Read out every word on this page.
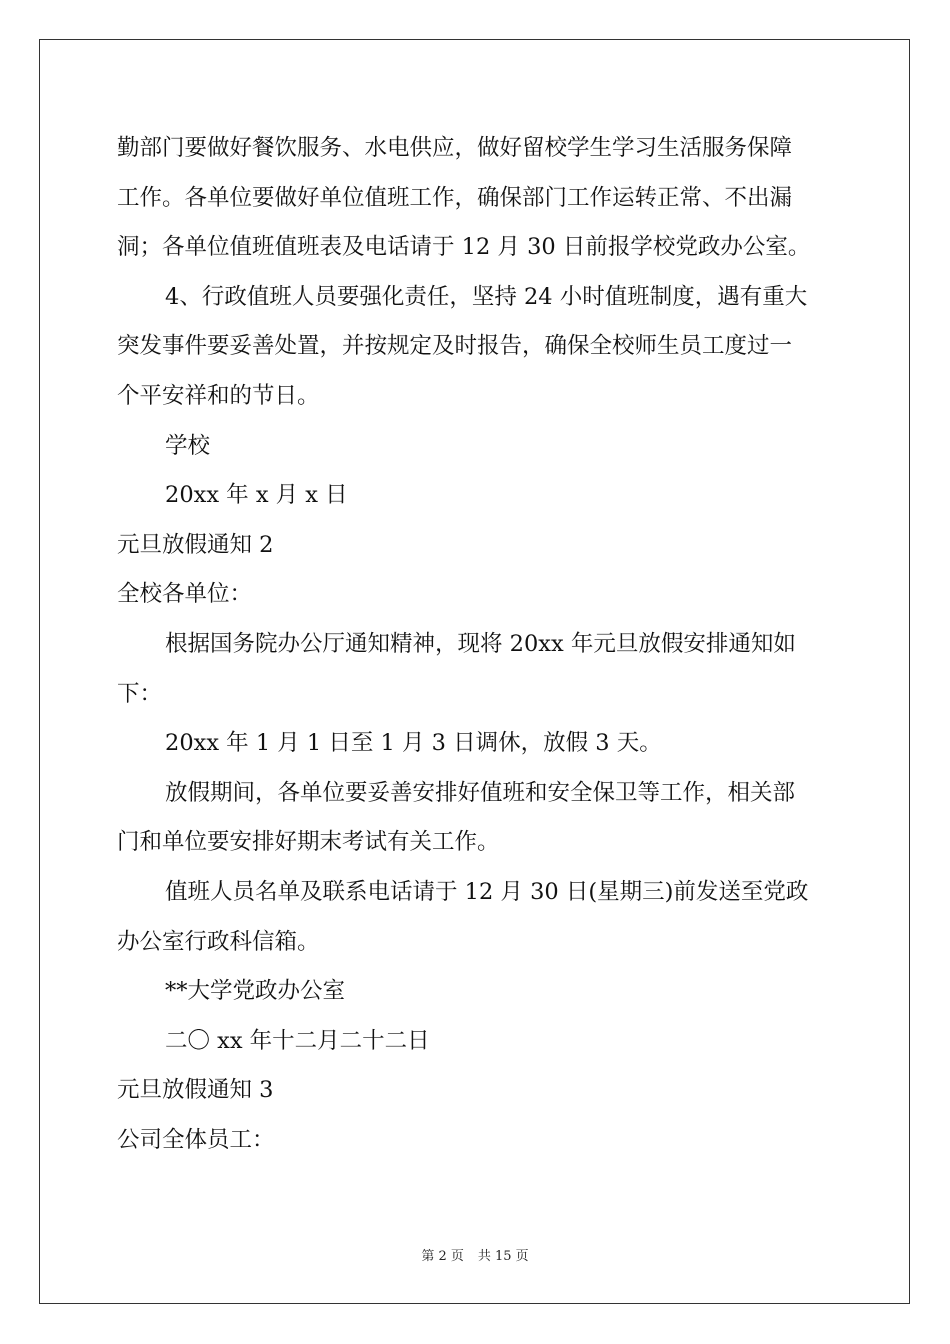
勤部门要做好餐饮服务、水电供应，做好留校学生学习生活服务保障
工作。各单位要做好单位值班工作，确保部门工作运转正常、不出漏
洞；各单位值班值班表及电话请于 12 月 30 日前报学校党政办公室。
4、行政值班人员要强化责任，坚持 24 小时值班制度，遇有重大
突发事件要妥善处置，并按规定及时报告，确保全校师生员工度过一
个平安祥和的节日。
学校
20xx 年 x 月 x 日
元旦放假通知 2
全校各单位：
根据国务院办公厅通知精神，现将 20xx 年元旦放假安排通知如
下：
20xx 年 1 月 1 日至 1 月 3 日调休，放假 3 天。
放假期间，各单位要妥善安排好值班和安全保卫等工作，相关部
门和单位要安排好期末考试有关工作。
值班人员名单及联系电话请于 12 月 30 日(星期三)前发送至党政
办公室行政科信箱。
**大学党政办公室
二〇 xx 年十二月二十二日
元旦放假通知 3
公司全体员工：
第 2 页 共 15 页
